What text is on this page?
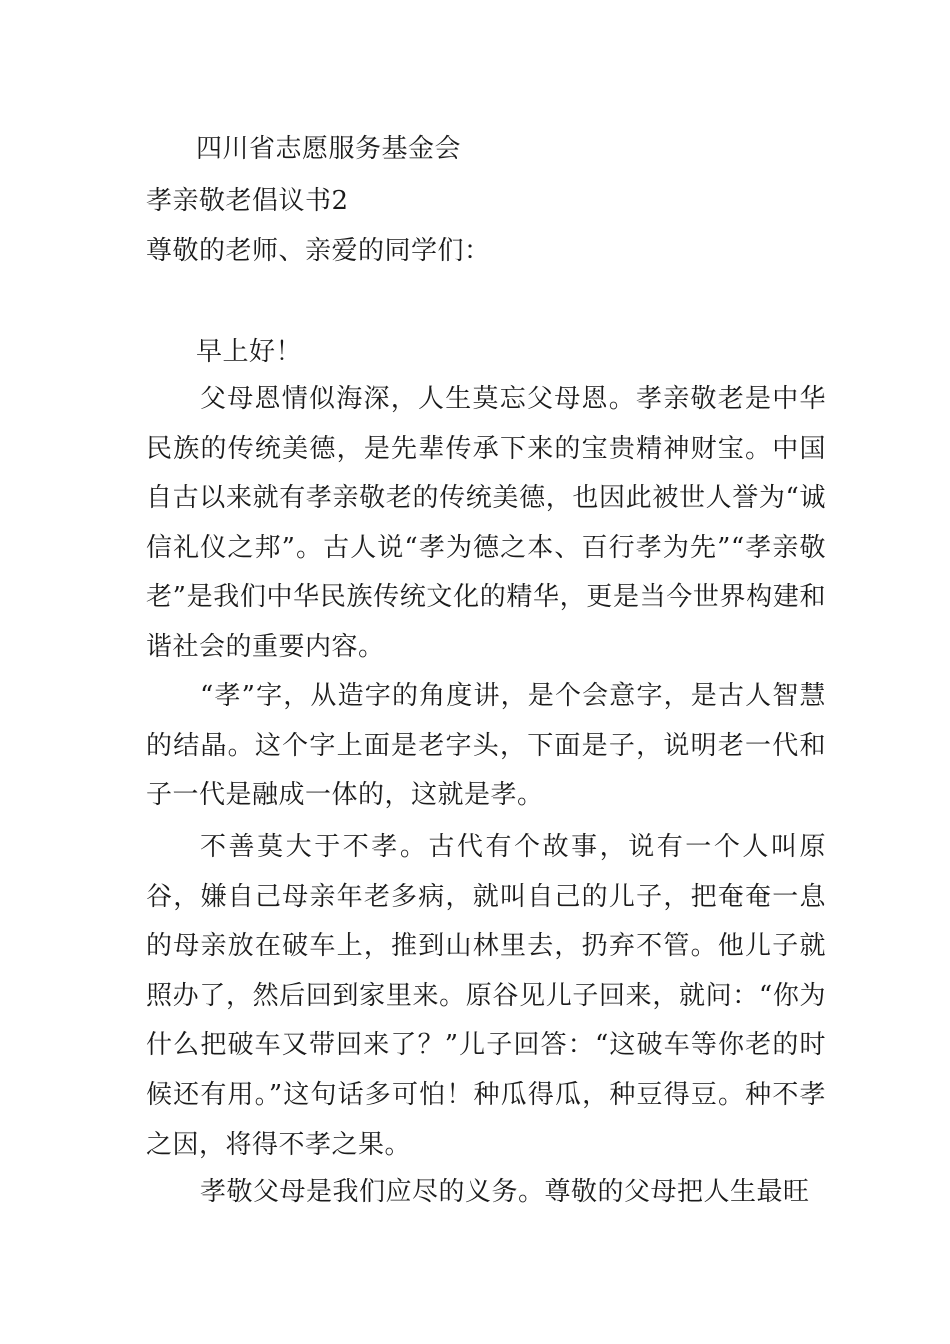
四川省志愿服务基金会
孝亲敬老倡议书2
尊敬的老师、亲爱的同学们：
早上好！
父母恩情似海深，人生莫忘父母恩。孝亲敬老是中华民族的传统美德，是先辈传承下来的宝贵精神财宝。中国自古以来就有孝亲敬老的传统美德，也因此被世人誉为“诚信礼仪之邦”。古人说“孝为德之本、百行孝为先”“孝亲敬老”是我们中华民族传统文化的精华，更是当今世界构建和谐社会的重要内容。
“孝”字，从造字的角度讲，是个会意字，是古人智慧的结晶。这个字上面是老字头，下面是子，说明老一代和子一代是融成一体的，这就是孝。
不善莫大于不孝。古代有个故事，说有一个人叫原谷，嫌自己母亲年老多病，就叫自己的儿子，把奄奄一息的母亲放在破车上，推到山林里去，扔弃不管。他儿子就照办了，然后回到家里来。原谷见儿子回来，就问：“你为什么把破车又带回来了？”儿子回答：“这破车等你老的时候还有用。”这句话多可怕！种瓜得瓜，种豆得豆。种不孝之因，将得不孝之果。
孝敬父母是我们应尽的义务。尊敬的父母把人生最旺
